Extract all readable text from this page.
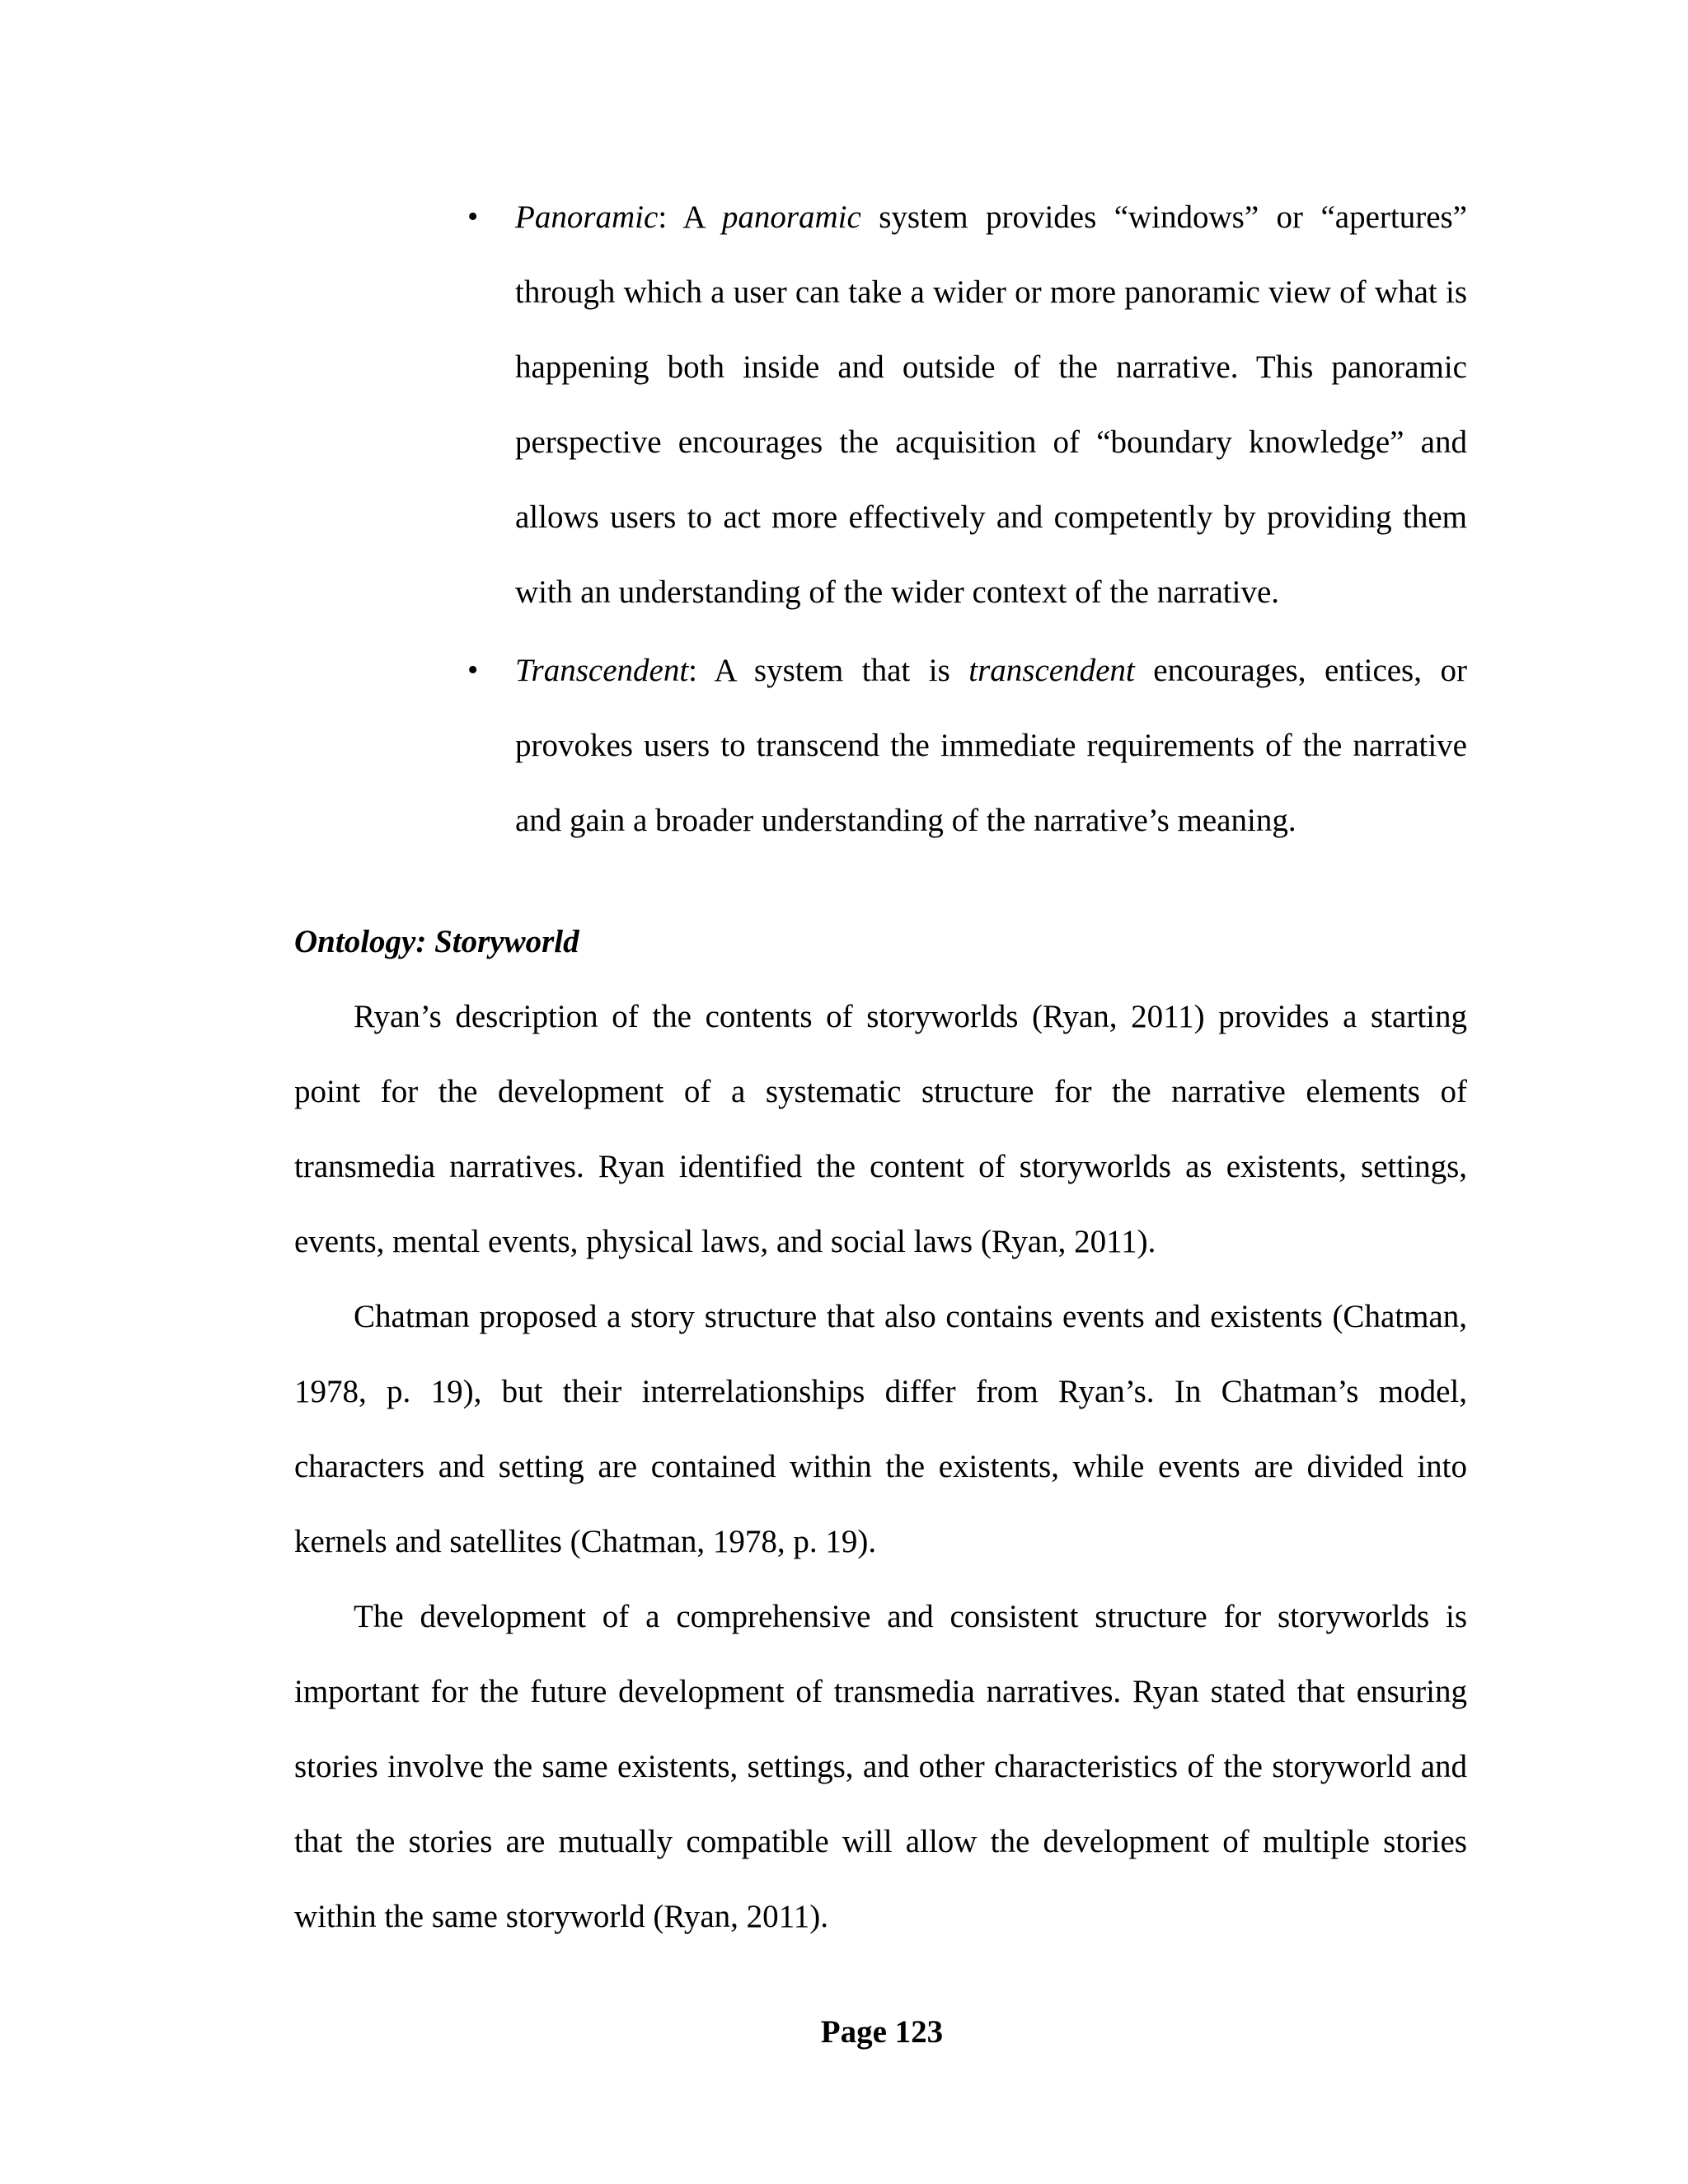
•	Panoramic: A panoramic system provides “windows” or “apertures” through which a user can take a wider or more panoramic view of what is happening both inside and outside of the narrative. This panoramic perspective encourages the acquisition of “boundary knowledge” and allows users to act more effectively and competently by providing them with an understanding of the wider context of the narrative.
•	Transcendent: A system that is transcendent encourages, entices, or provokes users to transcend the immediate requirements of the narrative and gain a broader understanding of the narrative’s meaning.
Ontology: Storyworld

Ryan’s description of the contents of storyworlds (Ryan, 2011) provides a starting point for the development of a systematic structure for the narrative elements of transmedia narratives. Ryan identified the content of storyworlds as existents, settings, events, mental events, physical laws, and social laws (Ryan, 2011).

Chatman proposed a story structure that also contains events and existents (Chatman, 1978, p. 19), but their interrelationships differ from Ryan’s. In Chatman’s model, characters and setting are contained within the existents, while events are divided into kernels and satellites (Chatman, 1978, p. 19).

The development of a comprehensive and consistent structure for storyworlds is important for the future development of transmedia narratives. Ryan stated that ensuring stories involve the same existents, settings, and other characteristics of the storyworld and that the stories are mutually compatible will allow the development of multiple stories within the same storyworld (Ryan, 2011).

Page 123
